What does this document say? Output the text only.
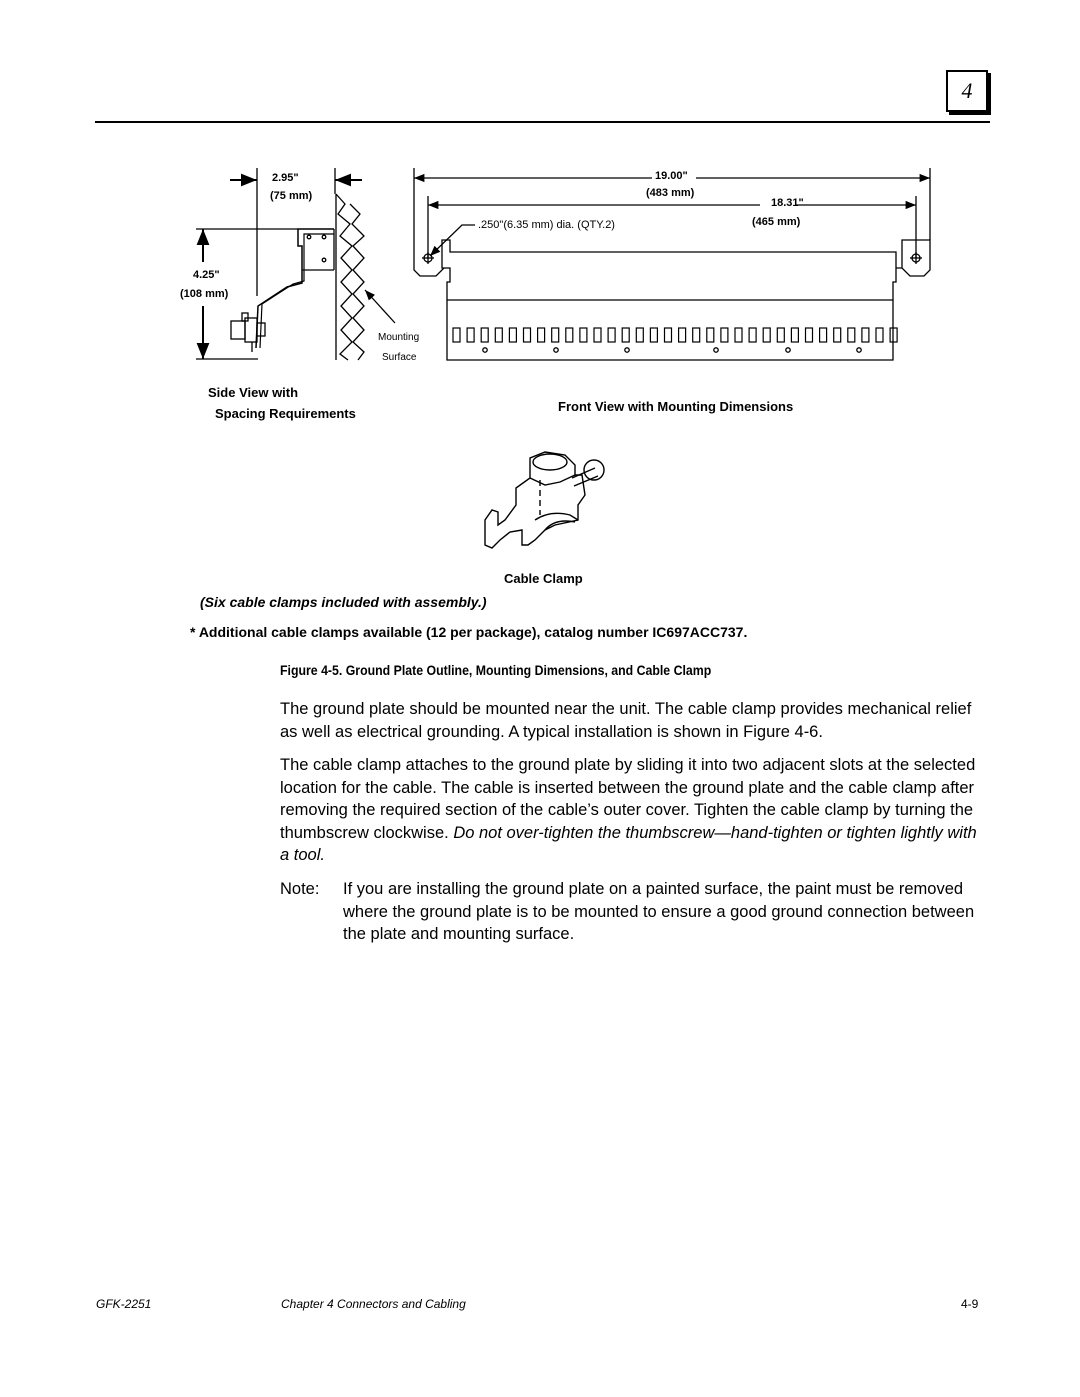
4
2.95"
(75 mm)
4.25"
(108 mm)
Mounting
Surface
Side View with
Spacing Requirements
19.00"
(483 mm)
18.31"
(465 mm)
.250"(6.35 mm) dia. (QTY.2)
Front View with Mounting Dimensions
Cable Clamp
(Six cable clamps included with assembly.)
* Additional cable clamps available (12 per package), catalog number IC697ACC737.
Figure 4-5. Ground Plate Outline, Mounting Dimensions, and Cable Clamp

The ground plate should be mounted near the unit. The cable clamp provides mechanical relief as well as electrical grounding. A typical installation is shown in Figure 4-6.

The cable clamp attaches to the ground plate by sliding it into two adjacent slots at the selected location for the cable. The cable is inserted between the ground plate and the cable clamp after removing the required section of the cable’s outer cover. Tighten the cable clamp by turning the thumbscrew clockwise. Do not over-tighten the thumbscrew—hand-tighten or tighten lightly with a tool.

Note: If you are installing the ground plate on a painted surface, the paint must be removed where the ground plate is to be mounted to ensure a good ground connection between the plate and mounting surface.

GFK-2251	Chapter 4 Connectors and Cabling	4-9
